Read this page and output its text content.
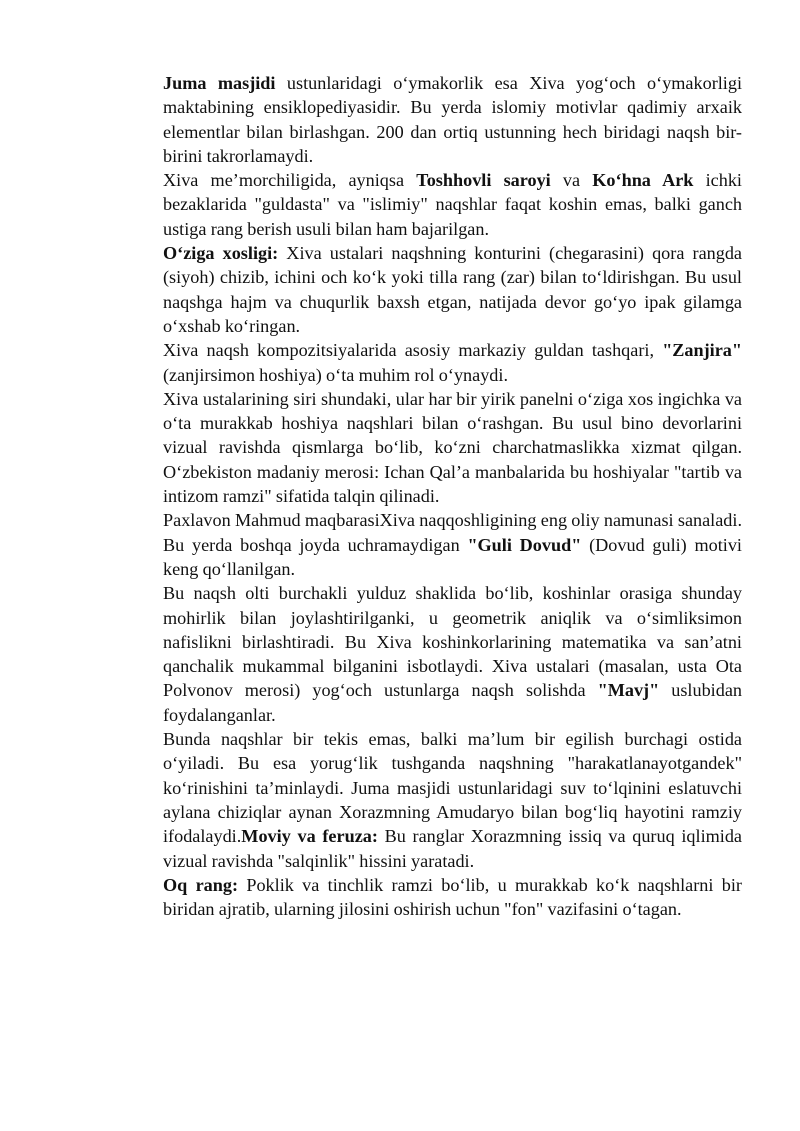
Juma masjidi ustunlaridagi o‘ymakorlik esa Xiva yog‘och o‘ymakorligi maktabining ensiklopediyasidir. Bu yerda islomiy motivlar qadimiy arxaik elementlar bilan birlashgan. 200 dan ortiq ustunning hech biridagi naqsh bir-birini takrorlamaydi.

Xiva me’morchiligida, ayniqsa Toshhovli saroyi va Ko‘hna Ark ichki bezaklarida "guldasta" va "islimiy" naqshlar faqat koshin emas, balki ganch ustiga rang berish usuli bilan ham bajarilgan.

O‘ziga xosligi: Xiva ustalari naqshning konturini (chegarasini) qora rangda (siyoh) chizib, ichini och ko‘k yoki tilla rang (zar) bilan to‘ldirishgan. Bu usul naqshga hajm va chuqurlik baxsh etgan, natijada devor go‘yo ipak gilamga o‘xshab ko‘ringan.

Xiva naqsh kompozitsiyalarida asosiy markaziy guldan tashqari, "Zanjira" (zanjirsimon hoshiya) o‘ta muhim rol o‘ynaydi.

Xiva ustalarining siri shundaki, ular har bir yirik panelni o‘ziga xos ingichka va o‘ta murakkab hoshiya naqshlari bilan o‘rashgan. Bu usul bino devorlarini vizual ravishda qismlarga bo‘lib, ko‘zni charchatmaslikka xizmat qilgan. O‘zbekiston madaniy merosi: Ichan Qal’a manbalarida bu hoshiyalar "tartib va intizom ramzi" sifatida talqin qilinadi.

Paxlavon Mahmud maqbarasiXiva naqqoshligining eng oliy namunasi sanaladi. Bu yerda boshqa joyda uchramaydigan "Guli Dovud" (Dovud guli) motivi keng qo‘llanilgan.

Bu naqsh olti burchakli yulduz shaklida bo‘lib, koshinlar orasiga shunday mohirlik bilan joylashtirilganki, u geometrik aniqlik va o‘simliksimon nafislikni birlashtiradi. Bu Xiva koshinkorlarining matematika va san’atni qanchalik mukammal bilganini isbotlaydi. Xiva ustalari (masalan, usta Ota Polvonov merosi) yog‘och ustunlarga naqsh solishda "Mavj" uslubidan foydalanganlar.

Bunda naqshlar bir tekis emas, balki ma’lum bir egilish burchagi ostida o‘yiladi. Bu esa yorug‘lik tushganda naqshning "harakatlanayotgandek" ko‘rinishini ta’minlaydi. Juma masjidi ustunlaridagi suv to‘lqinini eslatuvchi aylana chiziqlar aynan Xorazmning Amudaryo bilan bog‘liq hayotini ramziy ifodalaydi.Moviy va feruza: Bu ranglar Xorazmning issiq va quruq iqlimida vizual ravishda "salqinlik" hissini yaratadi.

Oq rang: Poklik va tinchlik ramzi bo‘lib, u murakkab ko‘k naqshlarni bir biridan ajratib, ularning jilosini oshirish uchun "fon" vazifasini o‘tagan.
